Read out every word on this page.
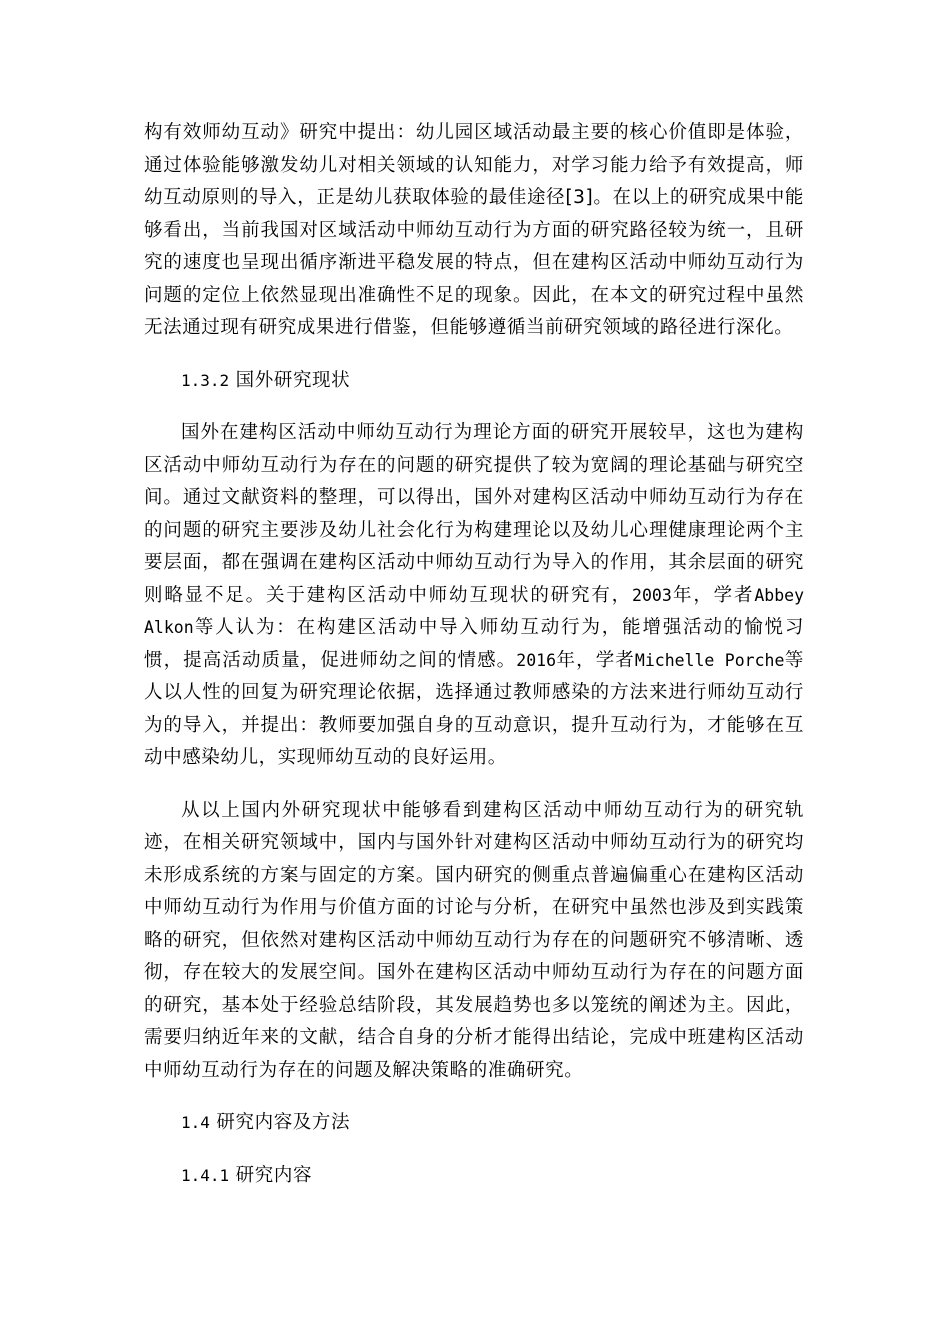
构有效师幼互动》研究中提出：幼儿园区域活动最主要的核心价值即是体验，通过体验能够激发幼儿对相关领域的认知能力，对学习能力给予有效提高，师幼互动原则的导入，正是幼儿获取体验的最佳途径[3]。在以上的研究成果中能够看出，当前我国对区域活动中师幼互动行为方面的研究路径较为统一，且研究的速度也呈现出循序渐进平稳发展的特点，但在建构区活动中师幼互动行为问题的定位上依然显现出准确性不足的现象。因此，在本文的研究过程中虽然无法通过现有研究成果进行借鉴，但能够遵循当前研究领域的路径进行深化。

1.3.2 国外研究现状

国外在建构区活动中师幼互动行为理论方面的研究开展较早，这也为建构区活动中师幼互动行为存在的问题的研究提供了较为宽阔的理论基础与研究空间。通过文献资料的整理，可以得出，国外对建构区活动中师幼互动行为存在的问题的研究主要涉及幼儿社会化行为构建理论以及幼儿心理健康理论两个主要层面，都在强调在建构区活动中师幼互动行为导入的作用，其余层面的研究则略显不足。关于建构区活动中师幼互现状的研究有，2003年，学者Abbey Alkon等人认为：在构建区活动中导入师幼互动行为，能增强活动的愉悦习惯，提高活动质量，促进师幼之间的情感。2016年，学者Michelle Porche等人以人性的回复为研究理论依据，选择通过教师感染的方法来进行师幼互动行为的导入，并提出：教师要加强自身的互动意识，提升互动行为，才能够在互动中感染幼儿，实现师幼互动的良好运用。

从以上国内外研究现状中能够看到建构区活动中师幼互动行为的研究轨迹，在相关研究领域中，国内与国外针对建构区活动中师幼互动行为的研究均未形成系统的方案与固定的方案。国内研究的侧重点普遍偏重心在建构区活动中师幼互动行为作用与价值方面的讨论与分析，在研究中虽然也涉及到实践策略的研究，但依然对建构区活动中师幼互动行为存在的问题研究不够清晰、透彻，存在较大的发展空间。国外在建构区活动中师幼互动行为存在的问题方面的研究，基本处于经验总结阶段，其发展趋势也多以笼统的阐述为主。因此，需要归纳近年来的文献，结合自身的分析才能得出结论，完成中班建构区活动中师幼互动行为存在的问题及解决策略的准确研究。

1.4 研究内容及方法

1.4.1 研究内容
